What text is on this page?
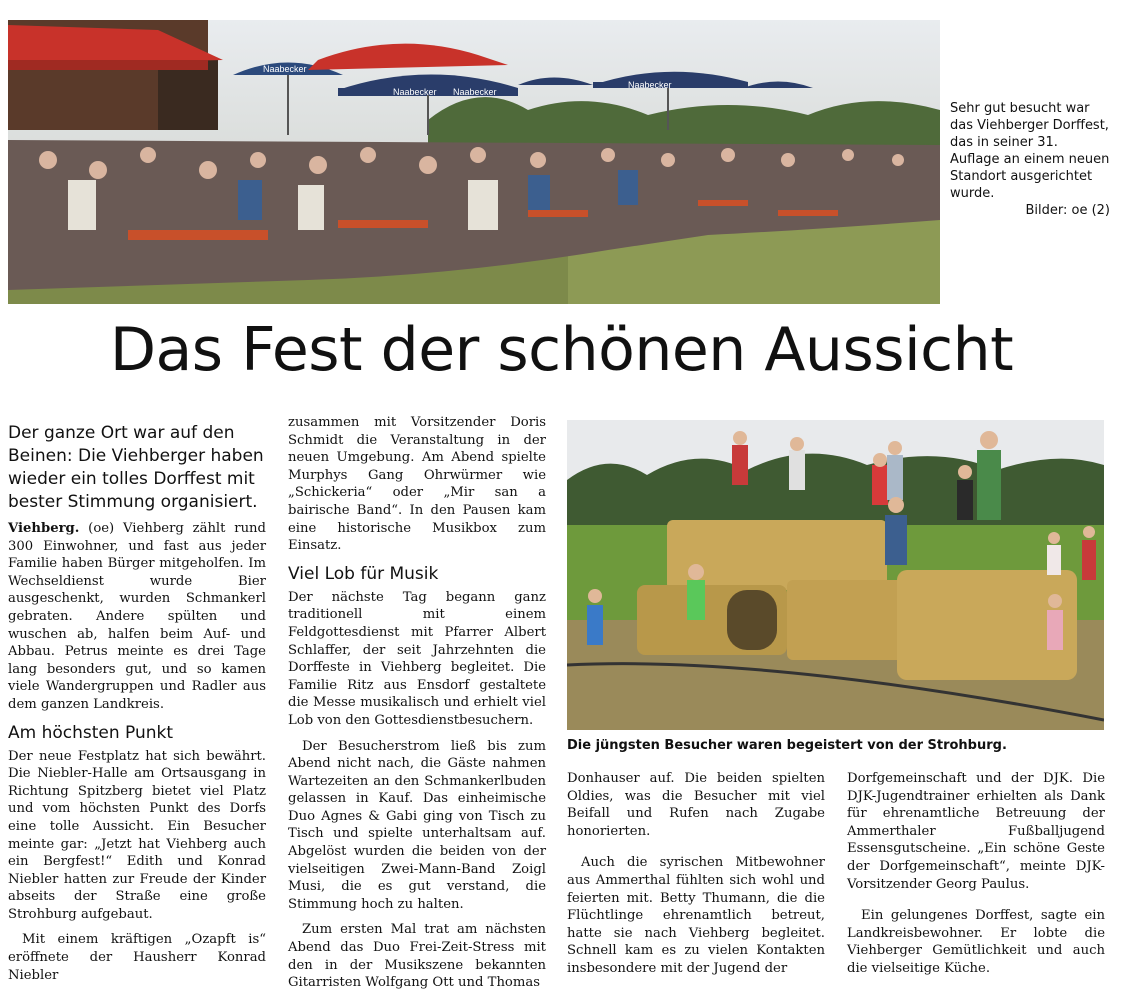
Naabecker
Naabecker Naabecker
Naabecker
Sehr gut besucht war das Viehberger Dorffest, das in seiner 31. Auflage an einem neuen Standort ausgerichtet wurde.
Bilder: oe (2)
Das Fest der schönen Aussicht
Der ganze Ort war auf den Beinen: Die Viehberger haben wieder ein tolles Dorffest mit bester Stimmung organisiert.

Viehberg. (oe) Viehberg zählt rund 300 Einwohner, und fast aus jeder Familie haben Bürger mitgeholfen. Im Wechseldienst wurde Bier ausgeschenkt, wurden Schmankerl gebraten. Andere spülten und wuschen ab, halfen beim Auf- und Abbau. Petrus meinte es drei Tage lang besonders gut, und so kamen viele Wandergruppen und Radler aus dem ganzen Landkreis.

Am höchsten Punkt

Der neue Festplatz hat sich bewährt. Die Niebler-Halle am Ortsausgang in Richtung Spitzberg bietet viel Platz und vom höchsten Punkt des Dorfs eine tolle Aussicht. Ein Besucher meinte gar: „Jetzt hat Viehberg auch ein Bergfest!“ Edith und Konrad Niebler hatten zur Freude der Kinder abseits der Straße eine große Strohburg aufgebaut.

Mit einem kräftigen „Ozapft is“ eröffnete der Hausherr Konrad Niebler

zusammen mit Vorsitzender Doris Schmidt die Veranstaltung in der neuen Umgebung. Am Abend spielte Murphys Gang Ohrwürmer wie „Schickeria“ oder „Mir san a bairische Band“. In den Pausen kam eine historische Musikbox zum Einsatz.

Viel Lob für Musik

Der nächste Tag begann ganz traditionell mit einem Feldgottesdienst mit Pfarrer Albert Schlaffer, der seit Jahrzehnten die Dorffeste in Viehberg begleitet. Die Familie Ritz aus Ensdorf gestaltete die Messe musikalisch und erhielt viel Lob von den Gottesdienstbesuchern.

Der Besucherstrom ließ bis zum Abend nicht nach, die Gäste nahmen Wartezeiten an den Schmankerlbuden gelassen in Kauf. Das einheimische Duo Agnes & Gabi ging von Tisch zu Tisch und spielte unterhaltsam auf. Abgelöst wurden die beiden von der vielseitigen Zwei-Mann-Band Zoigl Musi, die es gut verstand, die Stimmung hoch zu halten.

Zum ersten Mal trat am nächsten Abend das Duo Frei-Zeit-Stress mit den in der Musikszene bekannten Gitarristen Wolfgang Ott und Thomas

Die jüngsten Besucher waren begeistert von der Strohburg.

Donhauser auf. Die beiden spielten Oldies, was die Besucher mit viel Beifall und Rufen nach Zugabe honorierten.

Auch die syrischen Mitbewohner aus Ammerthal fühlten sich wohl und feierten mit. Betty Thumann, die die Flüchtlinge ehrenamtlich betreut, hatte sie nach Viehberg begleitet. Schnell kam es zu vielen Kontakten insbesondere mit der Jugend der

Dorfgemeinschaft und der DJK. Die DJK-Jugendtrainer erhielten als Dank für ehrenamtliche Betreuung der Ammerthaler Fußballjugend Essensgutscheine. „Ein schöne Geste der Dorfgemeinschaft“, meinte DJK-Vorsitzender Georg Paulus.

Ein gelungenes Dorffest, sagte ein Landkreisbewohner. Er lobte die Viehberger Gemütlichkeit und auch die vielseitige Küche.
